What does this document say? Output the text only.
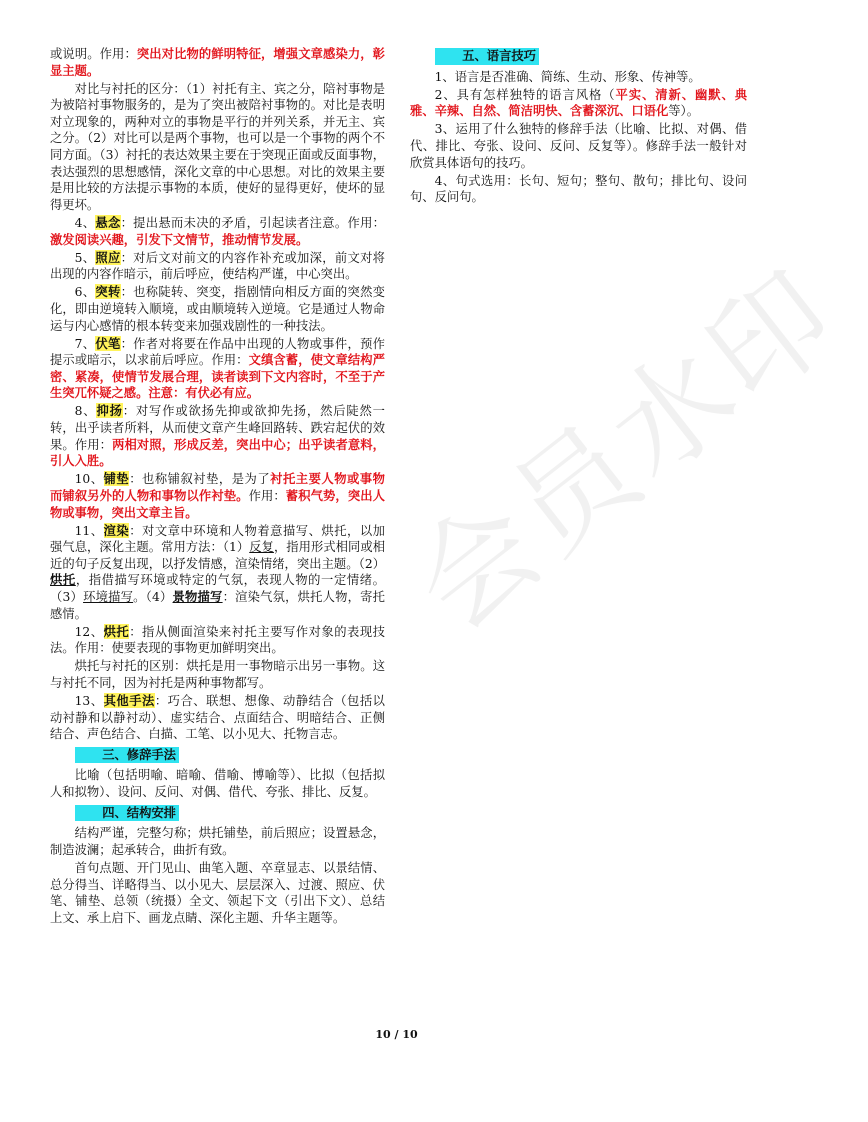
会员水印

或说明。作用：突出对比物的鲜明特征，增强文章感染力，彰显主题。

对比与衬托的区分：（1）衬托有主、宾之分，陪衬事物是为被陪衬事物服务的，是为了突出被陪衬事物的。对比是表明对立现象的，两种对立的事物是平行的并列关系，并无主、宾之分。（2）对比可以是两个事物，也可以是一个事物的两个不同方面。（3）衬托的表达效果主要在于突现正面或反面事物，表达强烈的思想感情，深化文章的中心思想。对比的效果主要是用比较的方法提示事物的本质，使好的显得更好，使坏的显得更坏。

4、悬念：提出悬而未决的矛盾，引起读者注意。作用：激发阅读兴趣，引发下文情节，推动情节发展。

5、照应：对后文对前文的内容作补充或加深，前文对将出现的内容作暗示，前后呼应，使结构严谨，中心突出。

6、突转：也称陡转、突变，指剧情向相反方面的突然变化，即由逆境转入顺境，或由顺境转入逆境。它是通过人物命运与内心感情的根本转变来加强戏剧性的一种技法。

7、伏笔：作者对将要在作品中出现的人物或事件，预作提示或暗示，以求前后呼应。作用：文缜含蓄，使文章结构严密、紧凑，使情节发展合理，读者读到下文内容时，不至于产生突兀怀疑之感。注意：有伏必有应。

8、抑扬：对写作或欲扬先抑或欲抑先扬，然后陡然一转，出乎读者所料，从而使文章产生峰回路转、跌宕起伏的效果。作用：两相对照，形成反差，突出中心；出乎读者意料，引人入胜。

10、铺垫：也称铺叙衬垫，是为了衬托主要人物或事物而铺叙另外的人物和事物以作衬垫。作用：蓄积气势，突出人物或事物，突出文章主旨。

11、渲染：对文章中环境和人物着意描写、烘托，以加强气息，深化主题。常用方法：（1）反复，指用形式相同或相近的句子反复出现，以抒发情感，渲染情绪，突出主题。（2）烘托，指借描写环境或特定的气氛，表现人物的一定情绪。（3）环境描写。（4）景物描写：渲染气氛，烘托人物，寄托感情。

12、烘托：指从侧面渲染来衬托主要写作对象的表现技法。作用：使要表现的事物更加鲜明突出。

烘托与衬托的区别：烘托是用一事物暗示出另一事物。这与衬托不同，因为衬托是两种事物都写。

13、其他手法：巧合、联想、想像、动静结合（包括以动衬静和以静衬动）、虚实结合、点面结合、明暗结合、正侧结合、声色结合、白描、工笔、以小见大、托物言志。

三、修辞手法

比喻（包括明喻、暗喻、借喻、博喻等）、比拟（包括拟人和拟物）、设问、反问、对偶、借代、夸张、排比、反复。

四、结构安排

结构严谨，完整匀称；烘托铺垫，前后照应；设置悬念，制造波澜；起承转合，曲折有致。

首句点题、开门见山、曲笔入题、卒章显志、以景结情、总分得当、详略得当、以小见大、层层深入、过渡、照应、伏笔、铺垫、总领（统摄）全文、领起下文（引出下文）、总结上文、承上启下、画龙点睛、深化主题、升华主题等。

五、语言技巧

1、语言是否准确、简练、生动、形象、传神等。

2、具有怎样独特的语言风格（平实、清新、幽默、典雅、辛辣、自然、简洁明快、含蓄深沉、口语化等）。

3、运用了什么独特的修辞手法（比喻、比拟、对偶、借代、排比、夸张、设问、反问、反复等）。修辞手法一般针对欣赏具体语句的技巧。

4、句式选用：长句、短句；整句、散句；排比句、设问句、反问句。

10 / 10
